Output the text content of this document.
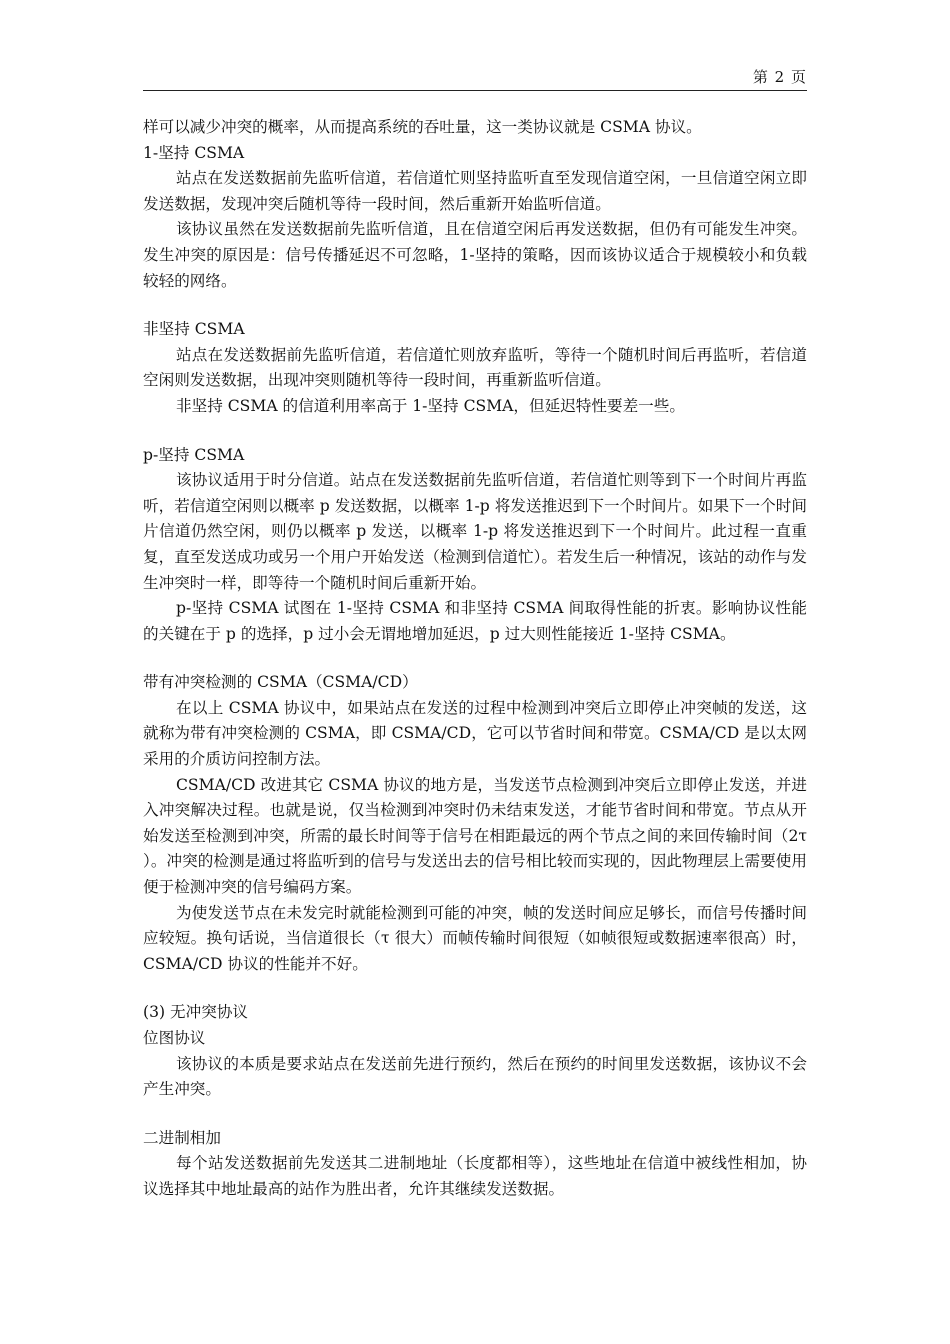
第 2 页

样可以减少冲突的概率，从而提高系统的吞吐量，这一类协议就是 CSMA 协议。

1-坚持 CSMA

站点在发送数据前先监听信道，若信道忙则坚持监听直至发现信道空闲，一旦信道空闲立即发送数据，发现冲突后随机等待一段时间，然后重新开始监听信道。

该协议虽然在发送数据前先监听信道，且在信道空闲后再发送数据，但仍有可能发生冲突。发生冲突的原因是：信号传播延迟不可忽略，1-坚持的策略，因而该协议适合于规模较小和负载较轻的网络。

非坚持 CSMA

站点在发送数据前先监听信道，若信道忙则放弃监听，等待一个随机时间后再监听，若信道空闲则发送数据，出现冲突则随机等待一段时间，再重新监听信道。

非坚持 CSMA 的信道利用率高于 1-坚持 CSMA，但延迟特性要差一些。

p-坚持 CSMA

该协议适用于时分信道。站点在发送数据前先监听信道，若信道忙则等到下一个时间片再监听，若信道空闲则以概率 p 发送数据，以概率 1-p 将发送推迟到下一个时间片。如果下一个时间片信道仍然空闲，则仍以概率 p 发送，以概率 1-p 将发送推迟到下一个时间片。此过程一直重复，直至发送成功或另一个用户开始发送（检测到信道忙）。若发生后一种情况，该站的动作与发生冲突时一样，即等待一个随机时间后重新开始。

p-坚持 CSMA 试图在 1-坚持 CSMA 和非坚持 CSMA 间取得性能的折衷。影响协议性能的关键在于 p 的选择，p 过小会无谓地增加延迟，p 过大则性能接近 1-坚持 CSMA。

带有冲突检测的 CSMA（CSMA/CD）

在以上 CSMA 协议中，如果站点在发送的过程中检测到冲突后立即停止冲突帧的发送，这就称为带有冲突检测的 CSMA，即 CSMA/CD，它可以节省时间和带宽。CSMA/CD 是以太网采用的介质访问控制方法。

CSMA/CD 改进其它 CSMA 协议的地方是，当发送节点检测到冲突后立即停止发送，并进入冲突解决过程。也就是说，仅当检测到冲突时仍未结束发送，才能节省时间和带宽。节点从开始发送至检测到冲突，所需的最长时间等于信号在相距最远的两个节点之间的来回传输时间（2τ ）。冲突的检测是通过将监听到的信号与发送出去的信号相比较而实现的，因此物理层上需要使用便于检测冲突的信号编码方案。

为使发送节点在未发完时就能检测到可能的冲突，帧的发送时间应足够长，而信号传播时间应较短。换句话说，当信道很长（τ 很大）而帧传输时间很短（如帧很短或数据速率很高）时，CSMA/CD 协议的性能并不好。

(3) 无冲突协议

位图协议

该协议的本质是要求站点在发送前先进行预约，然后在预约的时间里发送数据，该协议不会产生冲突。

二进制相加

每个站发送数据前先发送其二进制地址（长度都相等），这些地址在信道中被线性相加，协议选择其中地址最高的站作为胜出者，允许其继续发送数据。
